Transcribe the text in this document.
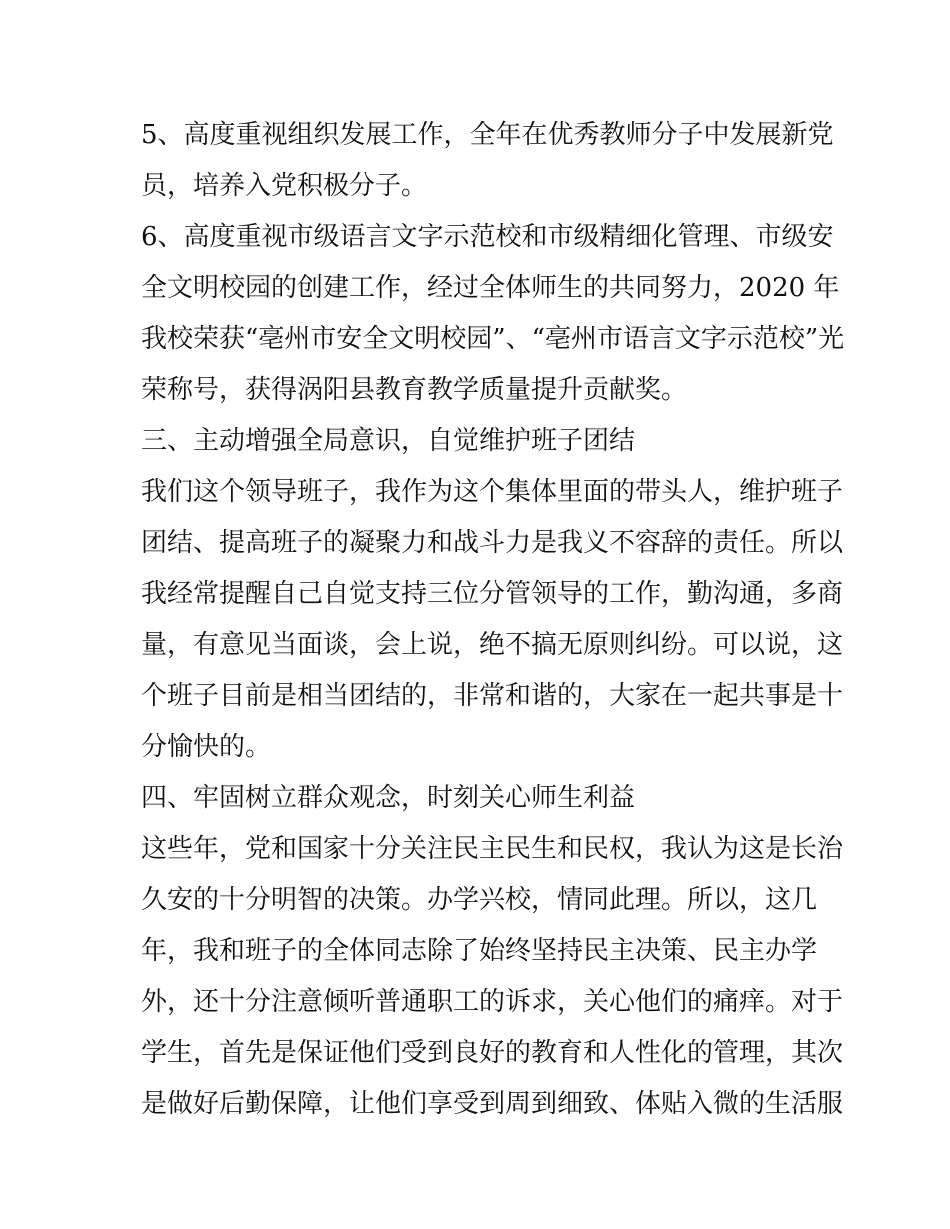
5、高度重视组织发展工作，全年在优秀教师分子中发展新党
员，培养入党积极分子。
6、高度重视市级语言文字示范校和市级精细化管理、市级安
全文明校园的创建工作，经过全体师生的共同努力，2020 年
我校荣获“亳州市安全文明校园”、“亳州市语言文字示范校”光
荣称号，获得涡阳县教育教学质量提升贡献奖。
三、主动增强全局意识，自觉维护班子团结
我们这个领导班子，我作为这个集体里面的带头人，维护班子
团结、提高班子的凝聚力和战斗力是我义不容辞的责任。所以
我经常提醒自己自觉支持三位分管领导的工作，勤沟通，多商
量，有意见当面谈，会上说，绝不搞无原则纠纷。可以说，这
个班子目前是相当团结的，非常和谐的，大家在一起共事是十
分愉快的。
四、牢固树立群众观念，时刻关心师生利益
这些年，党和国家十分关注民主民生和民权，我认为这是长治
久安的十分明智的决策。办学兴校，情同此理。所以，这几
年，我和班子的全体同志除了始终坚持民主决策、民主办学
外，还十分注意倾听普通职工的诉求，关心他们的痛痒。对于
学生，首先是保证他们受到良好的教育和人性化的管理，其次
是做好后勤保障，让他们享受到周到细致、体贴入微的生活服
